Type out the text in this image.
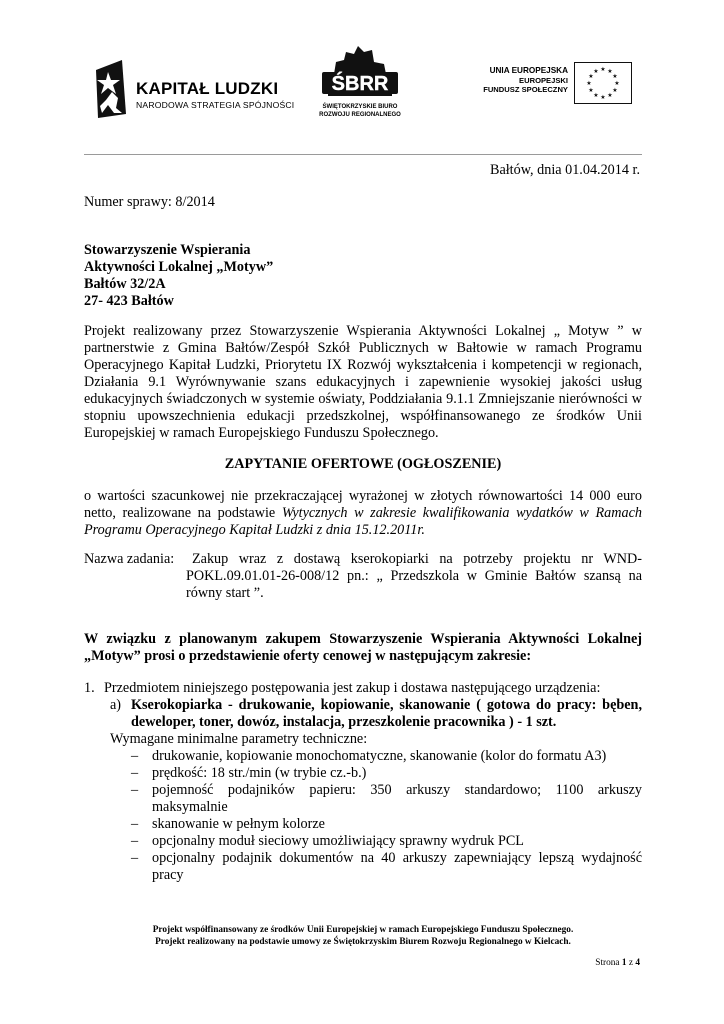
KAPITAŁ LUDZKI
NARODOWA STRATEGIA SPÓJNOŚCI
ŚBRR
ŚWIĘTOKRZYSKIE BIURO
ROZWOJU REGIONALNEGO
UNIA EUROPEJSKA
EUROPEJSKI
FUNDUSZ SPOŁECZNY
★ ★
★
★
★
★
★
★
★
★
★
★
Bałtów, dnia 01.04.2014 r.
Numer sprawy: 8/2014
Stowarzyszenie Wspierania
Aktywności Lokalnej „Motyw”
Bałtów 32/2A
27- 423 Bałtów
Projekt realizowany przez Stowarzyszenie Wspierania Aktywności Lokalnej „ Motyw ” w partnerstwie z Gmina Bałtów/Zespół Szkół Publicznych w Bałtowie w ramach Programu Operacyjnego Kapitał Ludzki, Priorytetu IX Rozwój wykształcenia i kompetencji w regionach, Działania 9.1 Wyrównywanie szans edukacyjnych i zapewnienie wysokiej jakości usług edukacyjnych świadczonych w systemie oświaty, Poddziałania 9.1.1 Zmniejszanie nierówności w stopniu upowszechnienia edukacji przedszkolnej, współfinansowanego ze środków Unii Europejskiej w ramach Europejskiego Funduszu Społecznego.
ZAPYTANIE OFERTOWE (OGŁOSZENIE)
o wartości szacunkowej nie przekraczającej wyrażonej w złotych równowartości 14 000 euro netto, realizowane na podstawie Wytycznych w zakresie kwalifikowania wydatków w Ramach Programu Operacyjnego Kapitał Ludzki z dnia 15.12.2011r.
Nazwa zadania:	Zakup wraz z dostawą kserokopiarki na potrzeby projektu nr WND-POKL.09.01.01-26-008/12 pn.: „ Przedszkola w Gminie Bałtów szansą na równy start ”.
W związku z planowanym zakupem Stowarzyszenie Wspierania Aktywności Lokalnej „Motyw” prosi o przedstawienie oferty cenowej w następującym zakresie:
1. Przedmiotem niniejszego postępowania jest zakup i dostawa następującego urządzenia:
a) Kserokopiarka - drukowanie, kopiowanie, skanowanie ( gotowa do pracy: bęben, deweloper, toner, dowóz, instalacja, przeszkolenie pracownika ) - 1 szt.
Wymagane minimalne parametry techniczne:
– drukowanie, kopiowanie monochomatyczne, skanowanie (kolor do formatu A3)
– prędkość: 18 str./min (w trybie cz.-b.)
– pojemność podajników papieru: 350 arkuszy standardowo; 1100 arkuszy maksymalnie
– skanowanie w pełnym kolorze
– opcjonalny moduł sieciowy umożliwiający sprawny wydruk PCL
– opcjonalny podajnik dokumentów na 40 arkuszy zapewniający lepszą wydajność pracy
Projekt współfinansowany ze środków Unii Europejskiej w ramach Europejskiego Funduszu Społecznego.
Projekt realizowany na podstawie umowy ze Świętokrzyskim Biurem Rozwoju Regionalnego w Kielcach.
Strona 1 z 4
